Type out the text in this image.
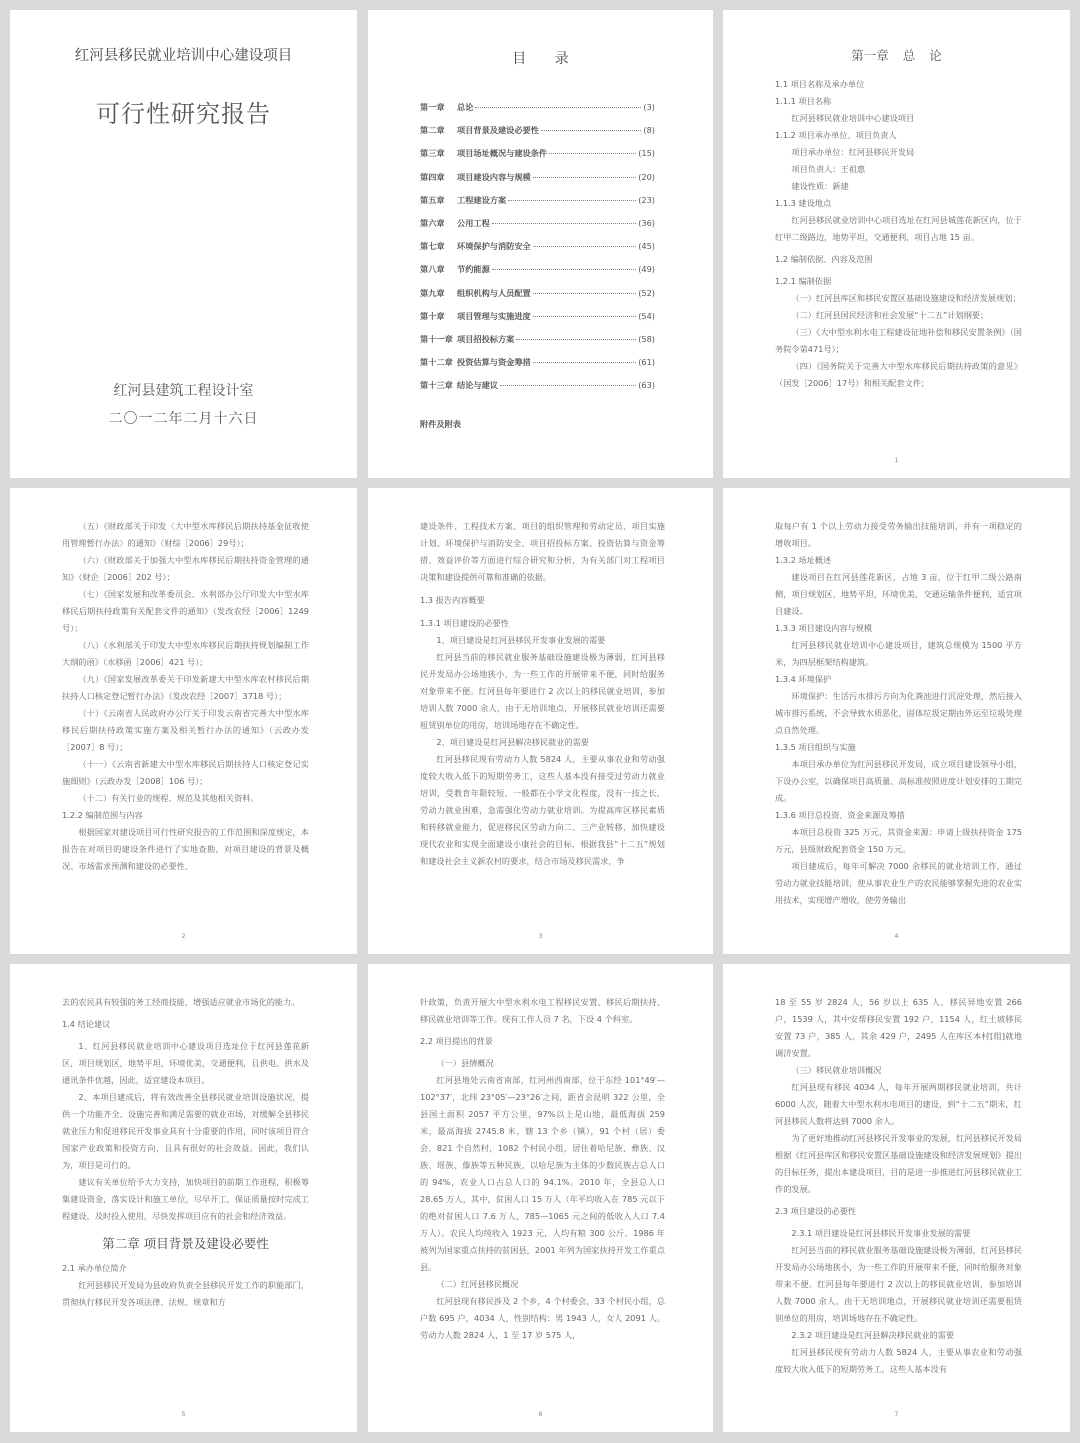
红河县移民就业培训中心建设项目
可行性研究报告
红河县建筑工程设计室
二〇一二年二月十六日
目 录
第一章	总论	(3)
第二章	项目背景及建设必要性	(8)
第三章	项目场址概况与建设条件	(15)
第四章	项目建设内容与规模	(20)
第五章	工程建设方案	(23)
第六章	公用工程	(36)
第七章	环境保护与消防安全	(45)
第八章	节约能源	(49)
第九章	组织机构与人员配置	(52)
第十章	项目管理与实施进度	(54)
第十一章 项目招投标方案	(58)
第十二章 投资估算与资金筹措	(61)
第十三章 结论与建议	(63)
附件及附表
第一章 总 论

1.1 项目名称及承办单位

1.1.1 项目名称

红河县移民就业培训中心建设项目

1.1.2 项目承办单位、项目负责人

项目承办单位：红河县移民开发局

项目负责人：王祖惠

建设性质：新建

1.1.3 建设地点

红河县移民就业培训中心项目选址在红河县城莲花新区内，位于红甲二级路边，地势平坦，交通便利，项目占地 15 亩。

1.2 编制依据、内容及范围

1.2.1 编制依据

（一）红河县库区和移民安置区基础设施建设和经济发展规划；

（二）红河县国民经济和社会发展“十二五”计划纲要；

（三）《大中型水利水电工程建设征地补偿和移民安置条例》（国务院令第471号）；

（四）《国务院关于完善大中型水库移民后期扶持政策的意见》（国发［2006］17号）和相关配套文件；

1

（五）《财政部关于印发〈大中型水库移民后期扶持基金征收使用管理暂行办法〉的通知》（财综［2006］29号）；

（六）《财政部关于加强大中型水库移民后期扶持资金管理的通知》（财企［2006］202 号）；

（七）《国家发展和改革委员会、水利部办公厅印发大中型水库移民后期扶持政策有关配套文件的通知》（发改农经［2006］1249 号）；

（八）《水利部关于印发大中型水库移民后期扶持规划编制工作大纲的函》（水移函［2006］421 号）；

（九）《国家发展改革委关于印发新建大中型水库农村移民后期扶持人口核定登记暂行办法》（发改农经［2007］3718 号）；

（十）《云南省人民政府办公厅关于印发云南省完善大中型水库移民后期扶持政策实施方案及相关暂行办法的通知》（云政办发［2007］8 号）；

（十一）《云南省新建大中型水库移民后期扶持人口核定登记实施细则》（云政办发［2008］106 号）；

（十二）有关行业的规程、规范及其他相关资料。

1.2.2 编制范围与内容

根据国家对建设项目可行性研究报告的工作范围和深度规定，本报告在对项目的建设条件进行了实地查勘，对项目建设的背景及概况、市场需求预测和建设的必要性、

2

建设条件、工程技术方案、项目的组织管理和劳动定员、项目实施计划、环境保护与消防安全、项目招投标方案、投资估算与资金筹措、效益评价等方面进行综合研究和分析，为有关部门对工程项目决策和建设提供可靠和准确的依据。

1.3 报告内容概要

1.3.1 项目建设的必要性

1、项目建设是红河县移民开发事业发展的需要

红河县当前的移民就业服务基础设施建设极为薄弱，红河县移民开发局办公场地狭小，为一些工作的开展带来不便，同时给服务对象带来不便。红河县每年要进行 2 次以上的移民就业培训，参加培训人数 7000 余人，由于无培训地点，开展移民就业培训还需要租赁别单位的用房，培训场地存在不确定性。

2、项目建设是红河县解决移民就业的需要

红河县移民现有劳动力人数 5824 人，主要从事农业和劳动强度较大收入低下的短期劳务工，这些人基本没有接受过劳动力就业培训，受教育年限较短，一般都在小学文化程度，没有一技之长，劳动力就业困难，急需强化劳动力就业培训。为提高库区移民素质和转移就业能力，促进移民区劳动力向二、三产业转移，加快建设现代农业和实现全面建设小康社会的目标，根据我县“十二五”规划和建设社会主义新农村的要求，结合市场及移民需求，争

3

取每户有 1 个以上劳动力接受劳务输出技能培训，并有一项稳定的增收项目。

1.3.2 场址概述

建设项目在红河县莲花新区，占地 3 亩，位于红甲二级公路南侧，项目规划区，地势平坦，环境优美，交通运输条件便利，适宜项目建设。

1.3.3 项目建设内容与规模

红河县移民就业培训中心建设项目，建筑总规模为 1500 平方米，为四层框架结构建筑。

1.3.4 环境保护

环境保护：生活污水排污方向为化粪池进行沉淀处理，然后接入城市排污系统，不会导致水质恶化，固体垃圾定期由外运至垃圾处理点自然处理。

1.3.5 项目组织与实施

本项目承办单位为红河县移民开发局，成立项目建设领导小组，下设办公室，以确保项目高质量、高标准按照进度计划安排的工期完成。

1.3.6 项目总投资、资金来源及筹措

本项目总投资 325 万元，其资金来源：申请上级扶持资金 175 万元，县级财政配套资金 150 万元。

项目建成后，每年可解决 7000 余移民的就业培训工作，通过劳动力就业技能培训，使从事农业生产的农民能够掌握先进的农业实用技术，实现增产增收，使劳务输出

4

去的农民具有较强的务工经商技能，增强适应就业市场化的能力。

1.4 结论建议

1、红河县移民就业培训中心建设项目选址位于红河县莲花新区，项目规划区，地势平坦，环境优美，交通便利，且供电、供水及通讯条件优越，因此，适宜建设本项目。

2、本项目建成后，将有效改善全县移民就业培训设施状况，提供一个功能齐全、设施完善和满足需要的就业市场，对缓解全县移民就业压力和促进移民开发事业具有十分重要的作用，同时该项目符合国家产业政策和投资方向，且具有很好的社会效益。因此，我们认为，项目是可行的。

建议有关单位给予大力支持，加快项目的前期工作进程，积极筹集建设资金，落实设计和施工单位，尽早开工，保证质量按时完成工程建设，及时投入使用，尽快发挥项目应有的社会和经济效益。

第二章 项目背景及建设必要性

2.1 承办单位简介

红河县移民开发局为县政府负责全县移民开发工作的职能部门，贯彻执行移民开发各项法律、法规、规章和方

5

针政策，负责开展大中型水利水电工程移民安置、移民后期扶持、移民就业培训等工作。现有工作人员 7 名，下设 4 个科室。

2.2 项目提出的背景

（一）县情概况

红河县地处云南省南部，红河州西南部，位于东经 101°49′—102°37′，北纬 23°05′—23°26′之间，距省会昆明 322 公里，全县国土面积 2057 平方公里，97%以上是山地，最低海拔 259 米，最高海拔 2745.8 米，辖 13 个乡（镇），91 个村（居）委会，821 个自然村，1082 个村民小组，居住着哈尼族、彝族、汉族、瑶族、傣族等五种民族，以哈尼族为主体的少数民族占总人口的 94%，农业人口占总人口的 94.1%。2010 年，全县总人口 28.65 万人，其中，贫困人口 15 万人（年平均收入在 785 元以下的绝对贫困人口 7.6 万人，785—1065 元之间的低收入人口 7.4 万人）。农民人均纯收入 1923 元，人均有粮 300 公斤。1986 年被列为国家重点扶持的贫困县，2001 年列为国家扶持开发工作重点县。

（二）红河县移民概况

红河县现有移民涉及 2 个乡，4 个村委会，33 个村民小组，总户数 695 户，4034 人，性别结构：男 1943 人，女人 2091 人。劳动力人数 2824 人，1 至 17 岁 575 人，

6

18 至 55 岁 2824 人，56 岁以上 635 人，移民异地安置 266 户，1539 人，其中安帮移民安置 192 户，1154 人，红土坡移民安置 73 户，385 人，其余 429 户，2495 人在库区本村[组]就地调济安置。

（三）移民就业培训概况

红河县现有移民 4034 人，每年开展两期移民就业培训，共计 6000 人次，随着大中型水利水电项目的建设，到“十二五”期末，红河县移民人数将达到 7000 余人。

为了更好地推动红河县移民开发事业的发展，红河县移民开发局根据《红河县库区和移民安置区基础设施建设和经济发展规划》提出的目标任务，提出本建设项目，目的是进一步推进红河县移民就业工作的发展。

2.3 项目建设的必要性

2.3.1 项目建设是红河县移民开发事业发展的需要

红河县当前的移民就业服务基础设施建设极为薄弱，红河县移民开发局办公场地狭小，为一些工作的开展带来不便，同时给服务对象带来不便。红河县每年要进行 2 次以上的移民就业培训，参加培训人数 7000 余人，由于无培训地点，开展移民就业培训还需要租赁别单位的用房，培训场地存在不确定性。

2.3.2 项目建设是红河县解决移民就业的需要

红河县移民现有劳动力人数 5824 人，主要从事农业和劳动强度较大收入低下的短期劳务工，这些人基本没有

7
